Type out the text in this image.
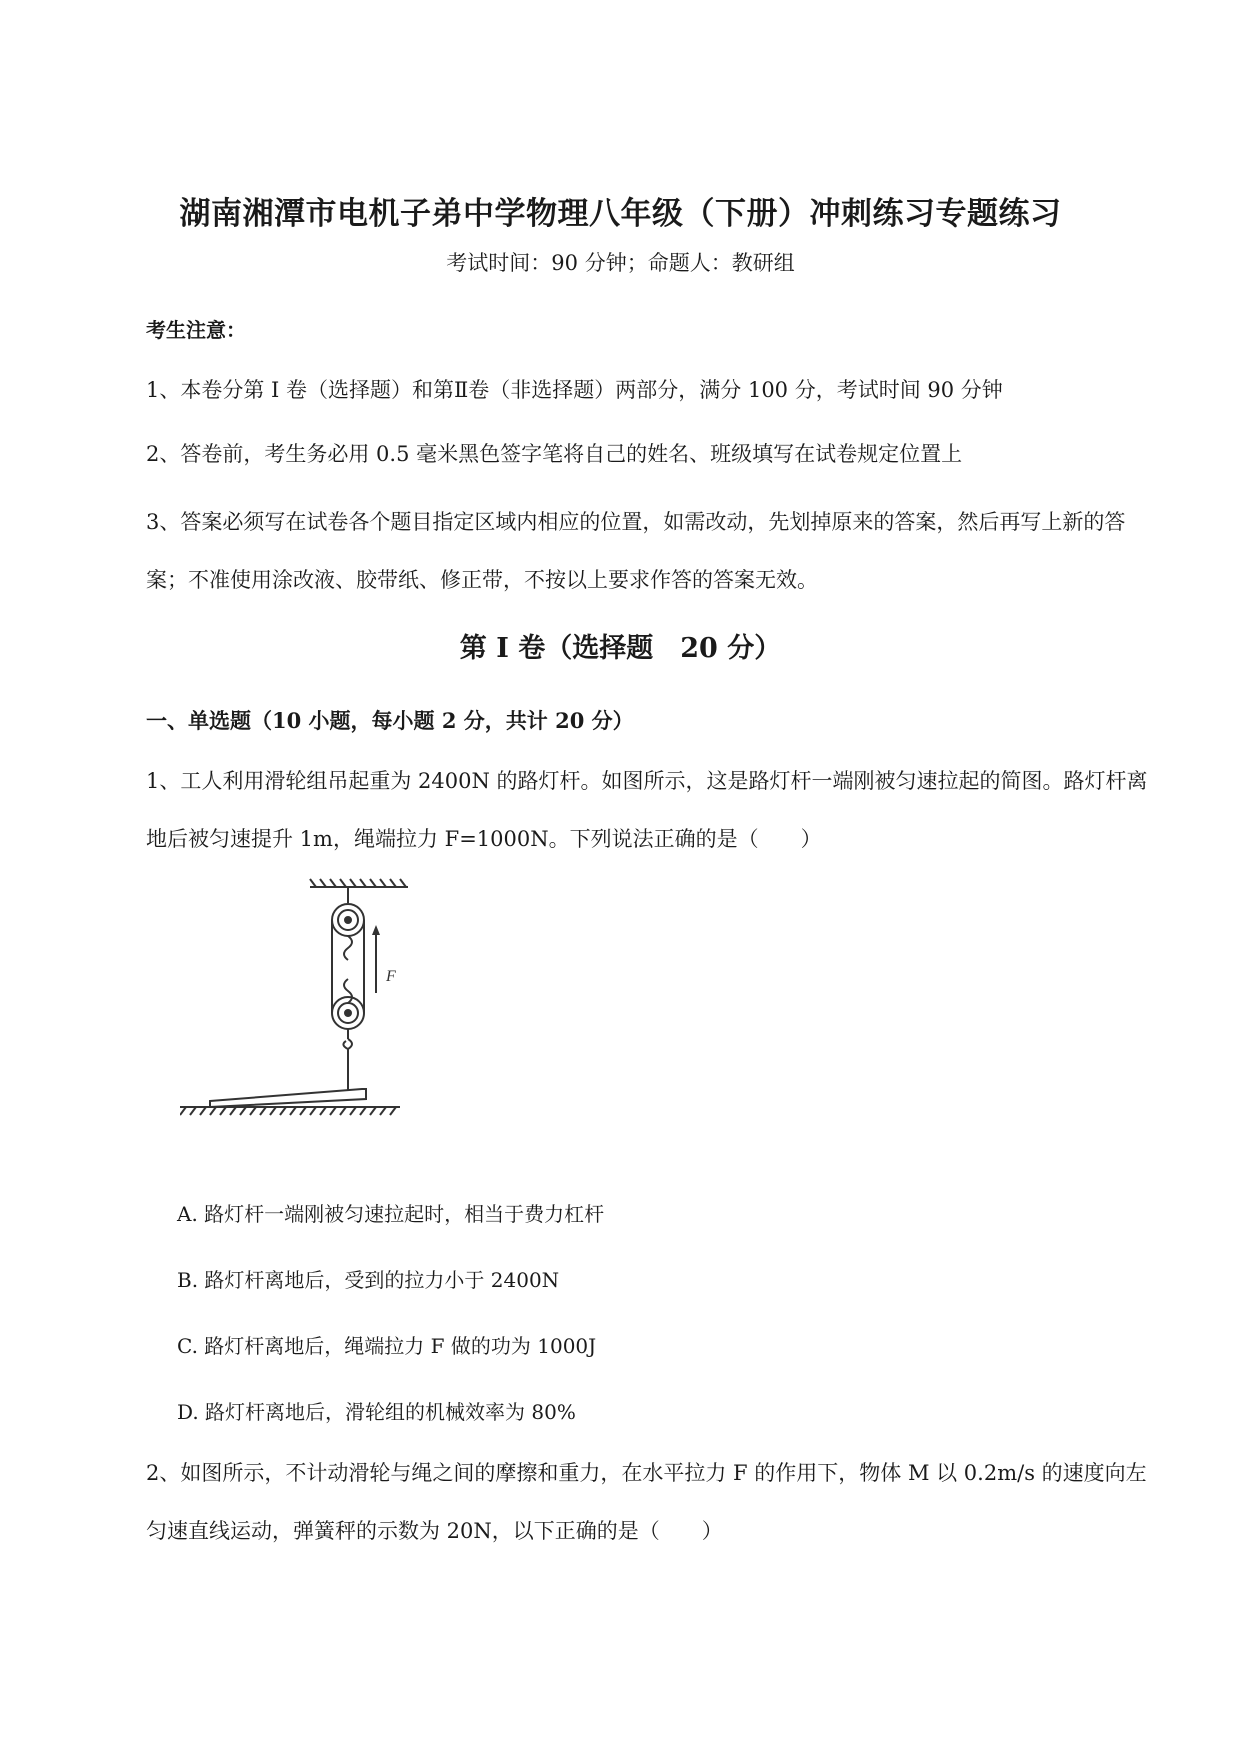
湖南湘潭市电机子弟中学物理八年级（下册）冲刺练习专题练习
考试时间：90 分钟；命题人：教研组
考生注意：
1、本卷分第 I 卷（选择题）和第Ⅱ卷（非选择题）两部分，满分 100 分，考试时间 90 分钟
2、答卷前，考生务必用 0.5 毫米黑色签字笔将自己的姓名、班级填写在试卷规定位置上
3、答案必须写在试卷各个题目指定区域内相应的位置，如需改动，先划掉原来的答案，然后再写上新的答案；不准使用涂改液、胶带纸、修正带，不按以上要求作答的答案无效。
第 I 卷（选择题　20 分）
一、单选题（10 小题，每小题 2 分，共计 20 分）
1、工人利用滑轮组吊起重为 2400N 的路灯杆。如图所示，这是路灯杆一端刚被匀速拉起的简图。路灯杆离地后被匀速提升 1m，绳端拉力 F=1000N。下列说法正确的是（　　）
F
A. 路灯杆一端刚被匀速拉起时，相当于费力杠杆
B. 路灯杆离地后，受到的拉力小于 2400N
C. 路灯杆离地后，绳端拉力 F 做的功为 1000J
D. 路灯杆离地后，滑轮组的机械效率为 80%
2、如图所示，不计动滑轮与绳之间的摩擦和重力，在水平拉力 F 的作用下，物体 M 以 0.2m/s 的速度向左匀速直线运动，弹簧秤的示数为 20N，以下正确的是（　　）
